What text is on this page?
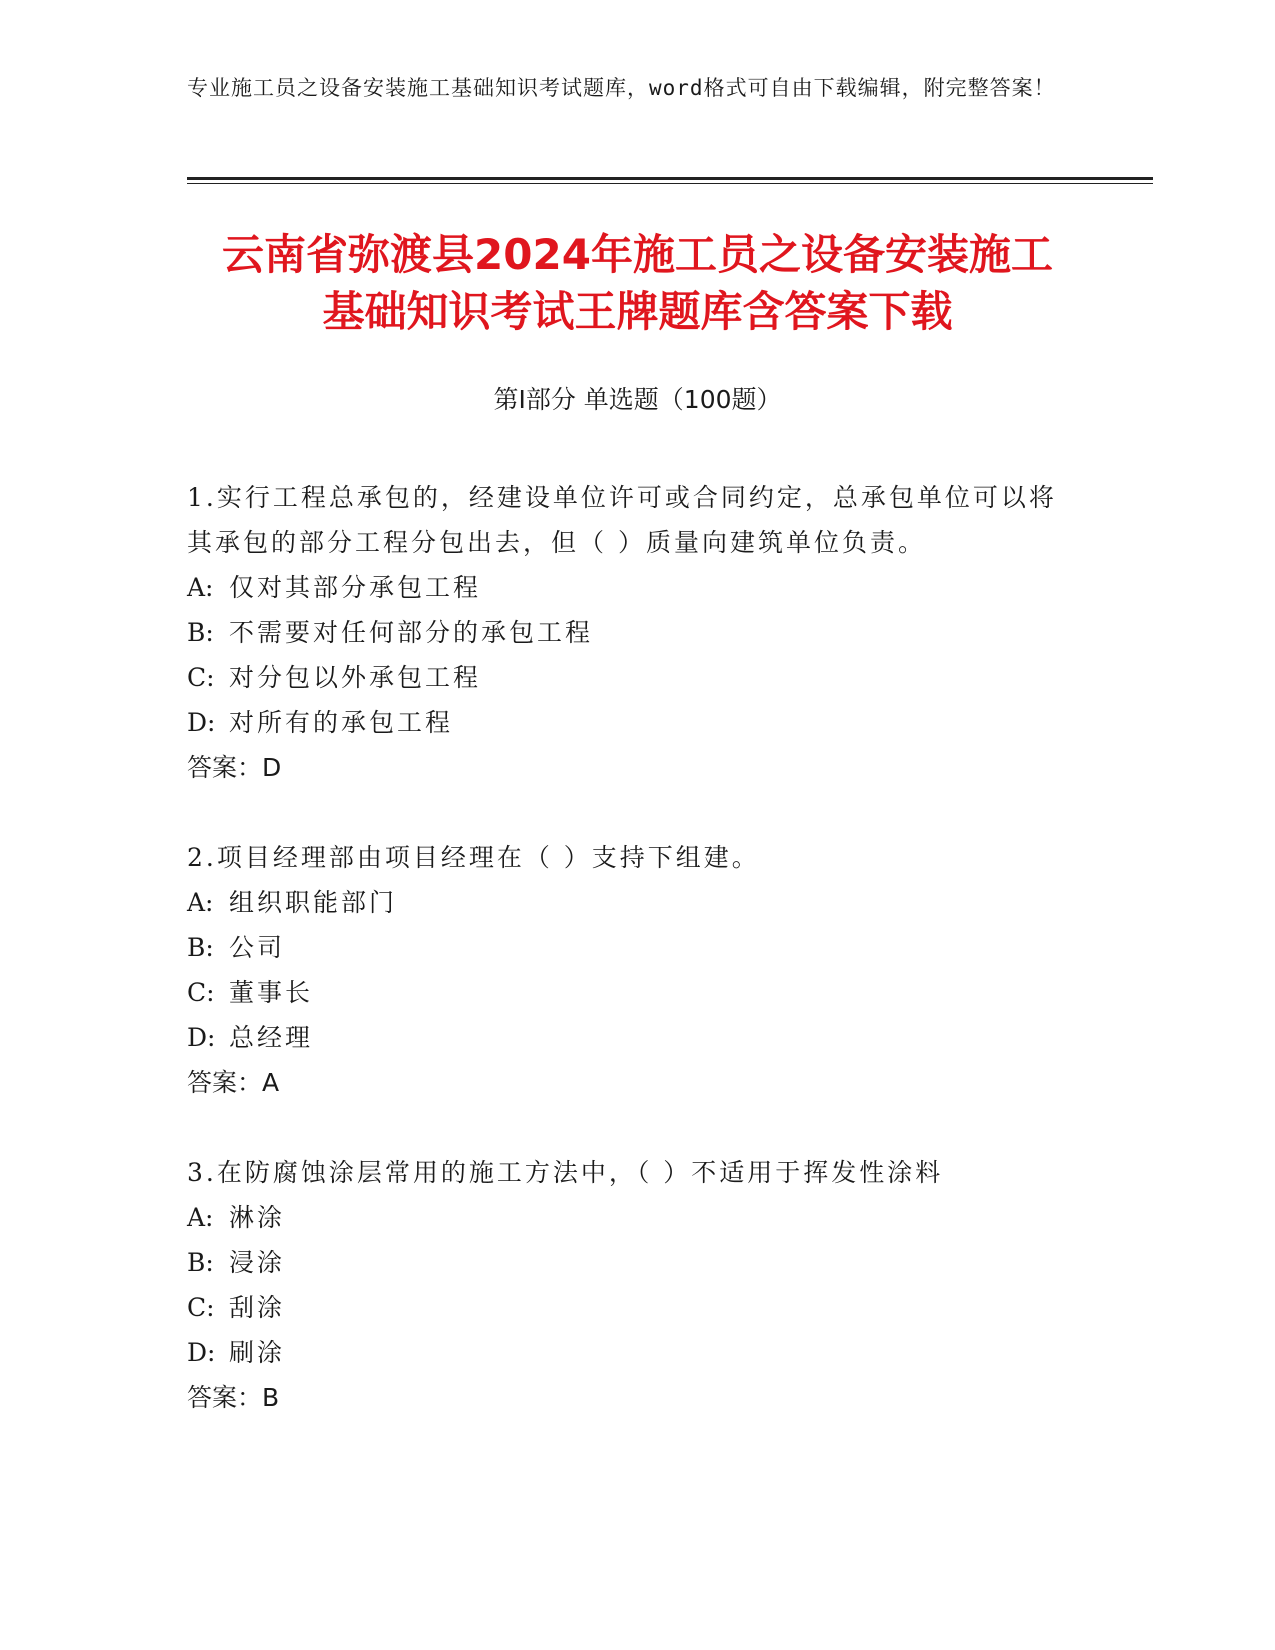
专业施工员之设备安装施工基础知识考试题库，word格式可自由下载编辑，附完整答案！
云南省弥渡县2024年施工员之设备安装施工
基础知识考试王牌题库含答案下载
第Ⅰ部分 单选题（100题）
1.实行工程总承包的，经建设单位许可或合同约定，总承包单位可以将其承包的部分工程分包出去，但（ ）质量向建筑单位负责。
A: 仅对其部分承包工程
B: 不需要对任何部分的承包工程
C: 对分包以外承包工程
D: 对所有的承包工程
答案：D
2.项目经理部由项目经理在（ ）支持下组建。
A: 组织职能部门
B: 公司
C: 董事长
D: 总经理
答案：A
3.在防腐蚀涂层常用的施工方法中，（ ）不适用于挥发性涂料
A: 淋涂
B: 浸涂
C: 刮涂
D: 刷涂
答案：B
